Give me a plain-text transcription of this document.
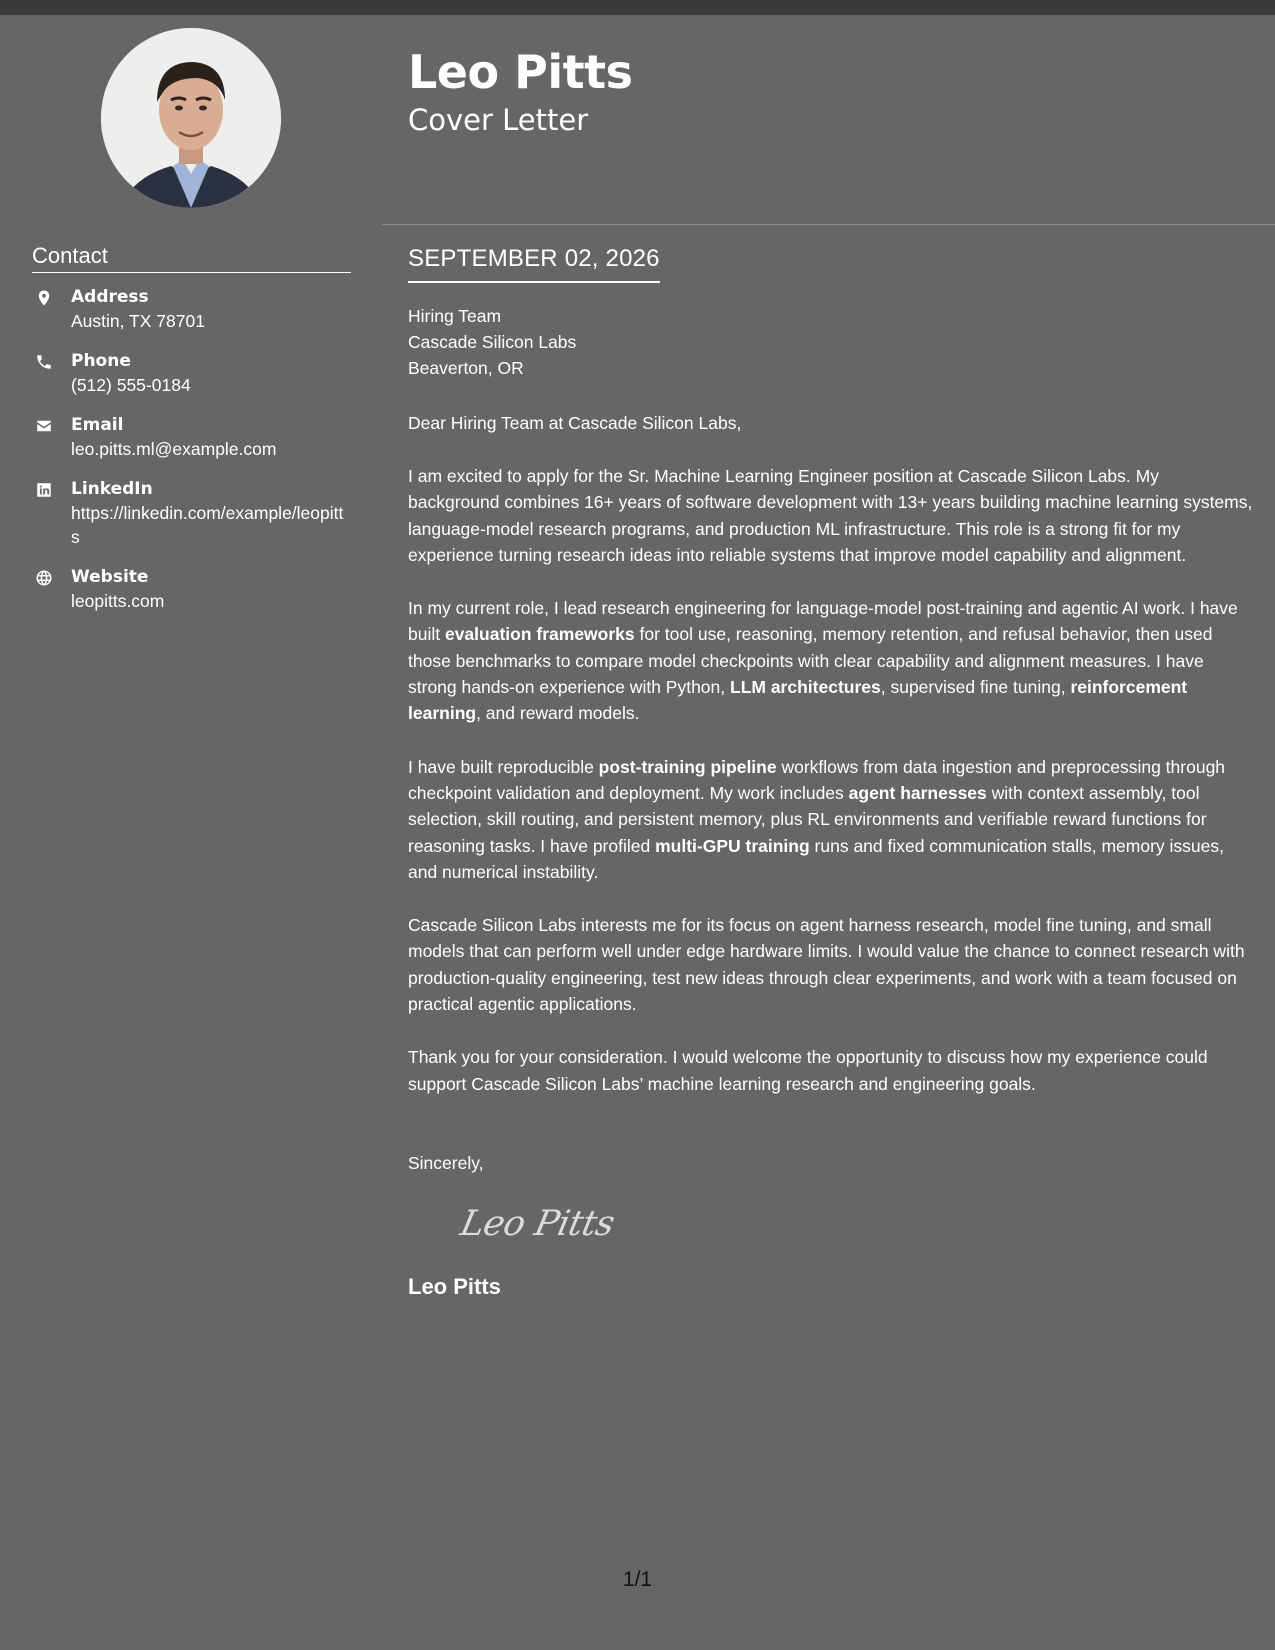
Contact
Address
Austin, TX 78701
Phone
(512) 555-0184
Email
leo.pitts.ml@example.com
LinkedIn
https://linkedin.com/example/leopitts
Website
leopitts.com
Leo Pitts
Cover Letter
SEPTEMBER 02, 2026
Hiring Team
Cascade Silicon Labs
Beaverton, OR
Dear Hiring Team at Cascade Silicon Labs,

I am excited to apply for the Sr. Machine Learning Engineer position at Cascade Silicon Labs. My background combines 16+ years of software development with 13+ years building machine learning systems, language-model research programs, and production ML infrastructure. This role is a strong fit for my experience turning research ideas into reliable systems that improve model capability and alignment.

In my current role, I lead research engineering for language-model post-training and agentic AI work. I have built evaluation frameworks for tool use, reasoning, memory retention, and refusal behavior, then used those benchmarks to compare model checkpoints with clear capability and alignment measures. I have strong hands-on experience with Python, LLM architectures, supervised fine tuning, reinforcement learning, and reward models.

I have built reproducible post-training pipeline workflows from data ingestion and preprocessing through checkpoint validation and deployment. My work includes agent harnesses with context assembly, tool selection, skill routing, and persistent memory, plus RL environments and verifiable reward functions for reasoning tasks. I have profiled multi-GPU training runs and fixed communication stalls, memory issues, and numerical instability.

Cascade Silicon Labs interests me for its focus on agent harness research, model fine tuning, and small models that can perform well under edge hardware limits. I would value the chance to connect research with production-quality engineering, test new ideas through clear experiments, and work with a team focused on practical agentic applications.

Thank you for your consideration. I would welcome the opportunity to discuss how my experience could support Cascade Silicon Labs’ machine learning research and engineering goals.

Sincerely,
Leo Pitts
Leo Pitts
1/1
